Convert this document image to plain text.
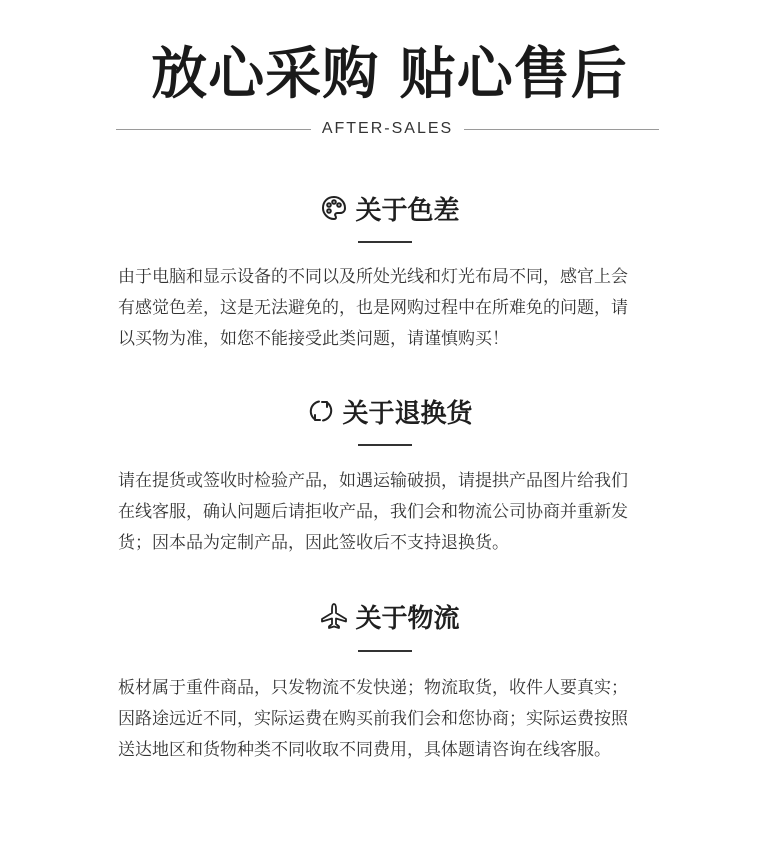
放心采购 贴心售后
AFTER-SALES
关于色差
由于电脑和显示设备的不同以及所处光线和灯光布局不同，感官上会
有感觉色差，这是无法避免的，也是网购过程中在所难免的问题，请
以买物为准，如您不能接受此类问题，请谨慎购买！
关于退换货
请在提货或签收时检验产品，如遇运输破损，请提拱产品图片给我们
在线客服，确认问题后请拒收产品，我们会和物流公司协商并重新发
货；因本品为定制产品，因此签收后不支持退换货。
关于物流
板材属于重件商品，只发物流不发快递；物流取货，收件人要真实；
因路途远近不同，实际运费在购买前我们会和您协商；实际运费按照
送达地区和货物种类不同收取不同费用，具体题请咨询在线客服。
